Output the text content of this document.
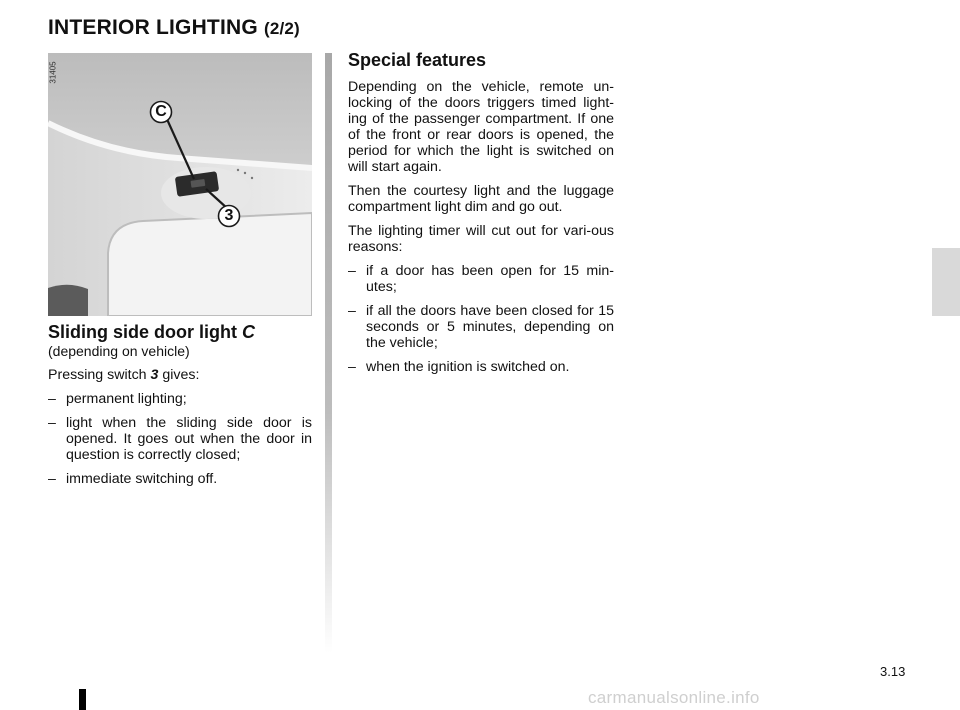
INTERIOR LIGHTING (2/2)
C
3
31405
Sliding side door light C

(depending on vehicle)

Pressing switch 3 gives:

– permanent lighting;
– light when the sliding side door is opened. It goes out when the door in question is correctly closed;
– immediate switching off.
Special features

Depending on the vehicle, remote un-locking of the doors triggers timed light-ing of the passenger compartment. If one of the front or rear doors is opened, the period for which the light is switched on will start again.

Then the courtesy light and the luggage compartment light dim and go out.

The lighting timer will cut out for vari-ous reasons:

– if a door has been open for 15 min-utes;
– if all the doors have been closed for 15 seconds or 5 minutes, depending on the vehicle;
– when the ignition is switched on.
3.13
carmanualsonline.info
